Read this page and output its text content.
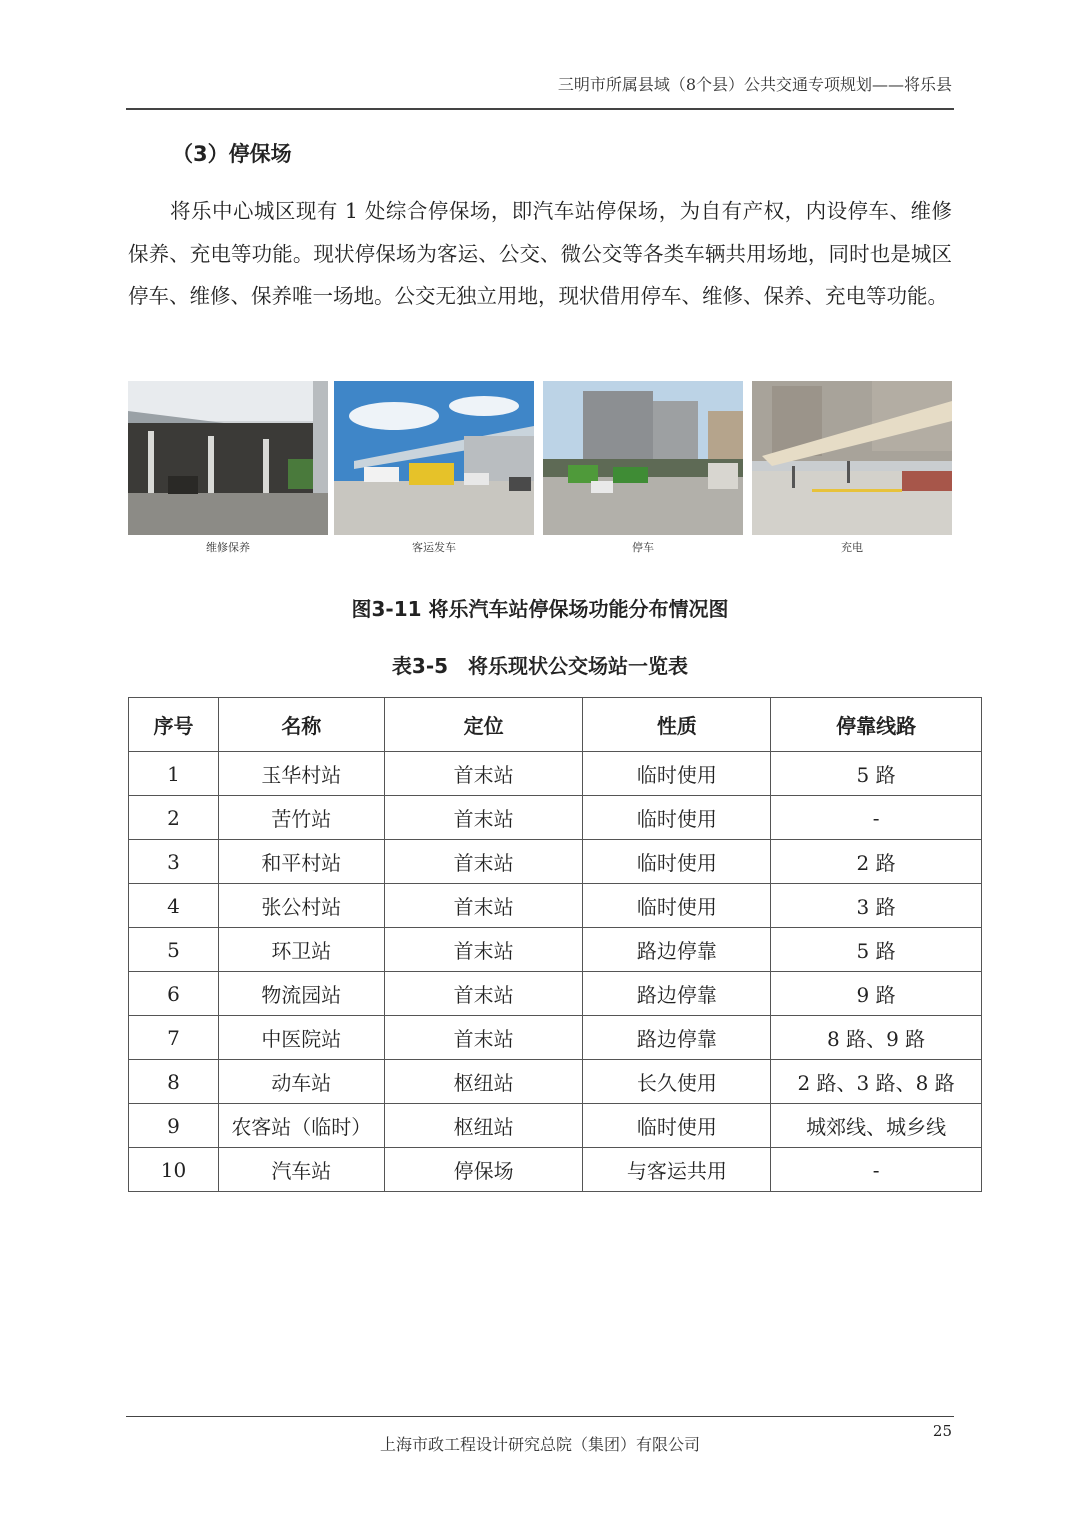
三明市所属县域（8个县）公共交通专项规划——将乐县
（3）停保场
将乐中心城区现有 1 处综合停保场，即汽车站停保场，为自有产权，内设停车、维修保养、充电等功能。现状停保场为客运、公交、微公交等各类车辆共用场地，同时也是城区停车、维修、保养唯一场地。公交无独立用地，现状借用停车、维修、保养、充电等功能。
维修保养	客运发车	停车	充电
图3-11 将乐汽车站停保场功能分布情况图
表3-5　将乐现状公交场站一览表
序号	名称	定位	性质	停靠线路
1	玉华村站	首末站	临时使用	5 路
2	苦竹站	首末站	临时使用	-
3	和平村站	首末站	临时使用	2 路
4	张公村站	首末站	临时使用	3 路
5	环卫站	首末站	路边停靠	5 路
6	物流园站	首末站	路边停靠	9 路
7	中医院站	首末站	路边停靠	8 路、9 路
8	动车站	枢纽站	长久使用	2 路、3 路、8 路
9	农客站（临时）	枢纽站	临时使用	城郊线、城乡线
10	汽车站	停保场	与客运共用	-
25
上海市政工程设计研究总院（集团）有限公司
